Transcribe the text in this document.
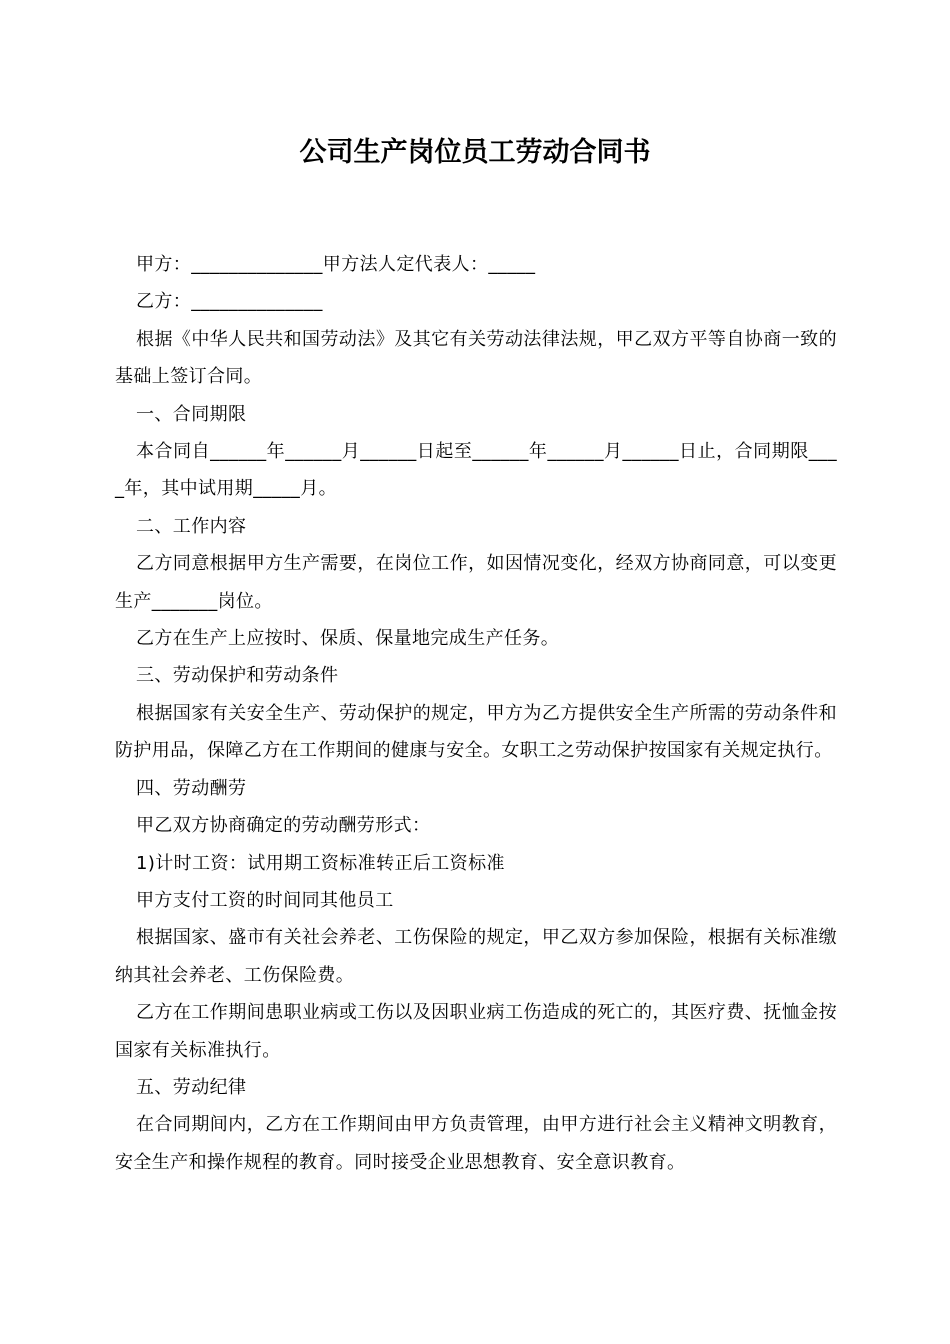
公司生产岗位员工劳动合同书

甲方：______________甲方法人定代表人：_____

乙方：______________

根据《中华人民共和国劳动法》及其它有关劳动法律法规，甲乙双方平等自协商一致的基础上签订合同。

一、合同期限

本合同自______年______月______日起至______年______月______日止，合同期限____年，其中试用期_____月。

二、工作内容

乙方同意根据甲方生产需要，在岗位工作，如因情况变化，经双方协商同意，可以变更生产_______岗位。

乙方在生产上应按时、保质、保量地完成生产任务。

三、劳动保护和劳动条件

根据国家有关安全生产、劳动保护的规定，甲方为乙方提供安全生产所需的劳动条件和防护用品，保障乙方在工作期间的健康与安全。女职工之劳动保护按国家有关规定执行。

四、劳动酬劳

甲乙双方协商确定的劳动酬劳形式：

1)计时工资：试用期工资标准转正后工资标准

甲方支付工资的时间同其他员工

根据国家、盛市有关社会养老、工伤保险的规定，甲乙双方参加保险，根据有关标准缴纳其社会养老、工伤保险费。

乙方在工作期间患职业病或工伤以及因职业病工伤造成的死亡的，其医疗费、抚恤金按国家有关标准执行。

五、劳动纪律

在合同期间内，乙方在工作期间由甲方负责管理，由甲方进行社会主义精神文明教育，安全生产和操作规程的教育。同时接受企业思想教育、安全意识教育。
